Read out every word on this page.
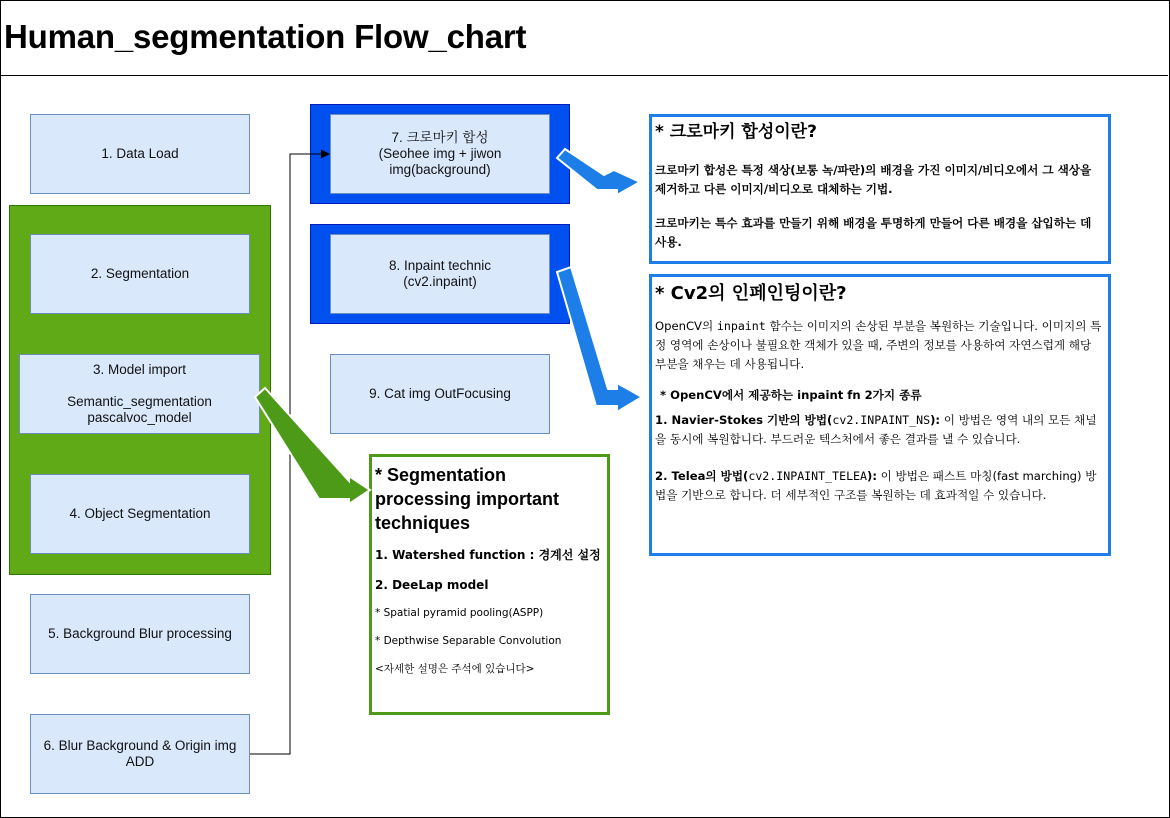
Human_segmentation Flow_chart
1. Data Load
2. Segmentation
3. Model import

Semantic_segmentation
pascalvoc_model
4. Object Segmentation
5. Background Blur processing
6. Blur Background & Origin img
ADD
7. 크로마키 합성
(Seohee img + jiwon
img(background)
8. Inpaint technic
(cv2.inpaint)
9. Cat img OutFocusing
* 크로마키 합성이란?

크로마키 합성은 특정 색상(보통 녹/파란)의 배경을 가진 이미지/비디오에서 그 색상을 제거하고 다른 이미지/비디오로 대체하는 기법.

크로마키는 특수 효과를 만들기 위해 배경을 투명하게 만들어 다른 배경을 삽입하는 데 사용.

* Cv2의 인페인팅이란?

OpenCV의 inpaint 함수는 이미지의 손상된 부분을 복원하는 기술입니다. 이미지의 특정 영역에 손상이나 불필요한 객체가 있을 때, 주변의 정보를 사용하여 자연스럽게 해당 부분을 채우는 데 사용됩니다.

* OpenCV에서 제공하는 inpaint fn 2가지 종류

1. Navier-Stokes 기반의 방법(cv2.INPAINT_NS): 이 방법은 영역 내의 모든 채널을 동시에 복원합니다. 부드러운 텍스처에서 좋은 결과를 낼 수 있습니다.

2. Telea의 방법(cv2.INPAINT_TELEA): 이 방법은 패스트 마칭(fast marching) 방법을 기반으로 합니다. 더 세부적인 구조를 복원하는 데 효과적일 수 있습니다.

* Segmentation processing important techniques

1. Watershed function : 경계선 설정

2. DeeLap model

* Spatial pyramid pooling(ASPP)

* Depthwise Separable Convolution

<자세한 설명은 주석에 있습니다>
